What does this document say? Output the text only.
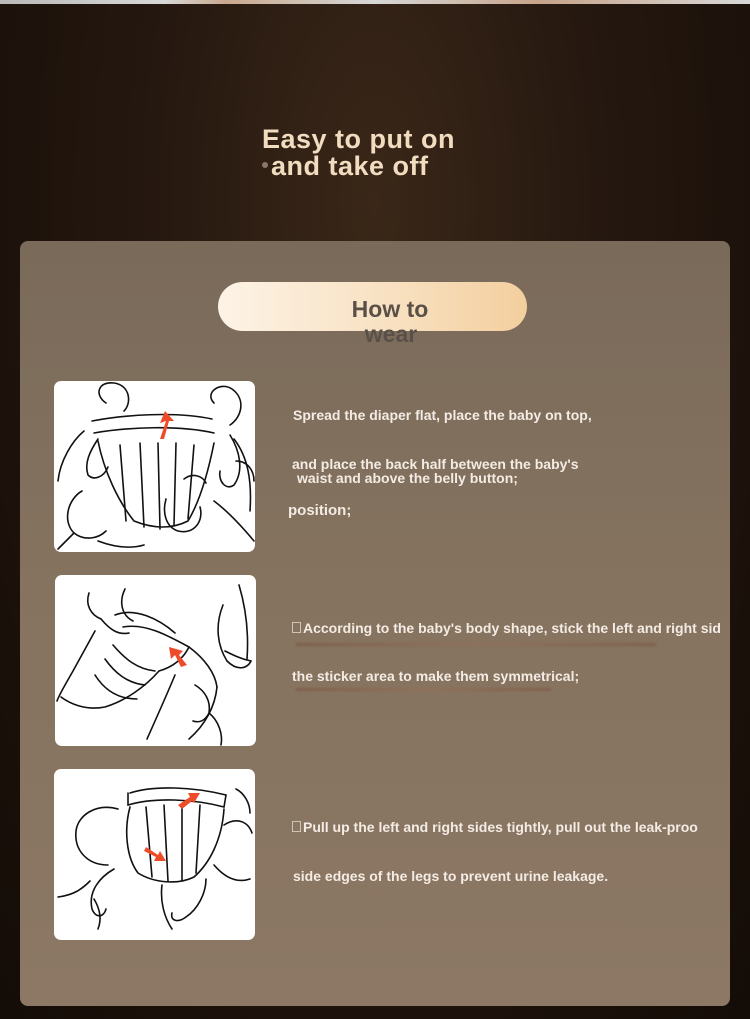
Easy to put on
and take off
How to
wear
Spread the diaper flat, place the baby on top,
and place the back half between the baby's
waist and above the belly button;
position;
According to the baby's body shape, stick the left and right sid
the sticker area to make them symmetrical;
Pull up the left and right sides tightly, pull out the leak-proo
side edges of the legs to prevent urine leakage.
